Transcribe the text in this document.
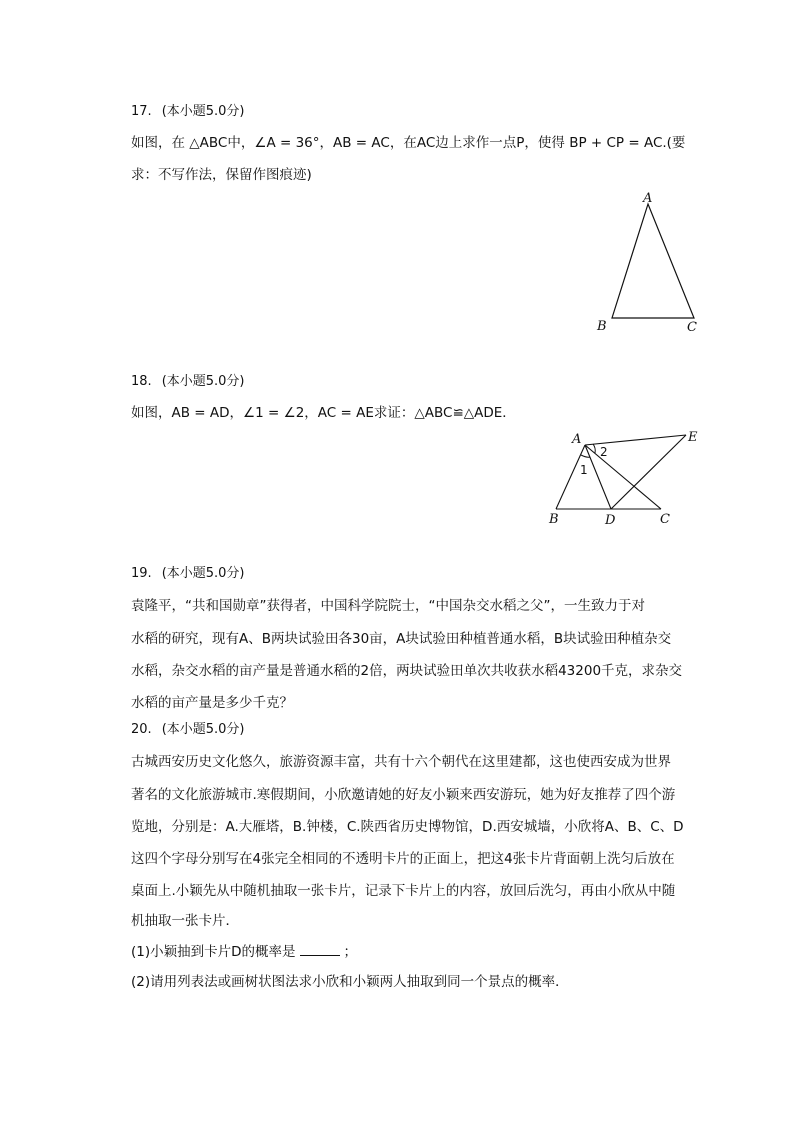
17. (本小题5.0分)
如图，在 △ABC中，∠A = 36°，AB = AC，在AC边上求作一点P，使得 BP + CP = AC.(要
求：不写作法，保留作图痕迹)
A
B	C
18. (本小题5.0分)
如图，AB = AD，∠1 = ∠2，AC = AE求证：△ABC≌△ADE．
A	E
B	D	C
1
2
19. (本小题5.0分)
袁隆平，“共和国勋章”获得者，中国科学院院士，“中国杂交水稻之父”，一生致力于对
水稻的研究，现有A、B两块试验田各30亩，A块试验田种植普通水稻，B块试验田种植杂交
水稻，杂交水稻的亩产量是普通水稻的2倍，两块试验田单次共收获水稻43200千克，求杂交
水稻的亩产量是多少千克？
20. (本小题5.0分)
古城西安历史文化悠久，旅游资源丰富，共有十六个朝代在这里建都，这也使西安成为世界
著名的文化旅游城市.寒假期间，小欣邀请她的好友小颖来西安游玩，她为好友推荐了四个游
览地，分别是：A.大雁塔，B.钟楼，C.陕西省历史博物馆，D.西安城墙，小欣将A、B、C、D
这四个字母分别写在4张完全相同的不透明卡片的正面上，把这4张卡片背面朝上洗匀后放在
桌面上.小颖先从中随机抽取一张卡片，记录下卡片上的内容，放回后洗匀，再由小欣从中随
机抽取一张卡片．
(1)小颖抽到卡片D的概率是	；
(2)请用列表法或画树状图法求小欣和小颖两人抽取到同一个景点的概率．
